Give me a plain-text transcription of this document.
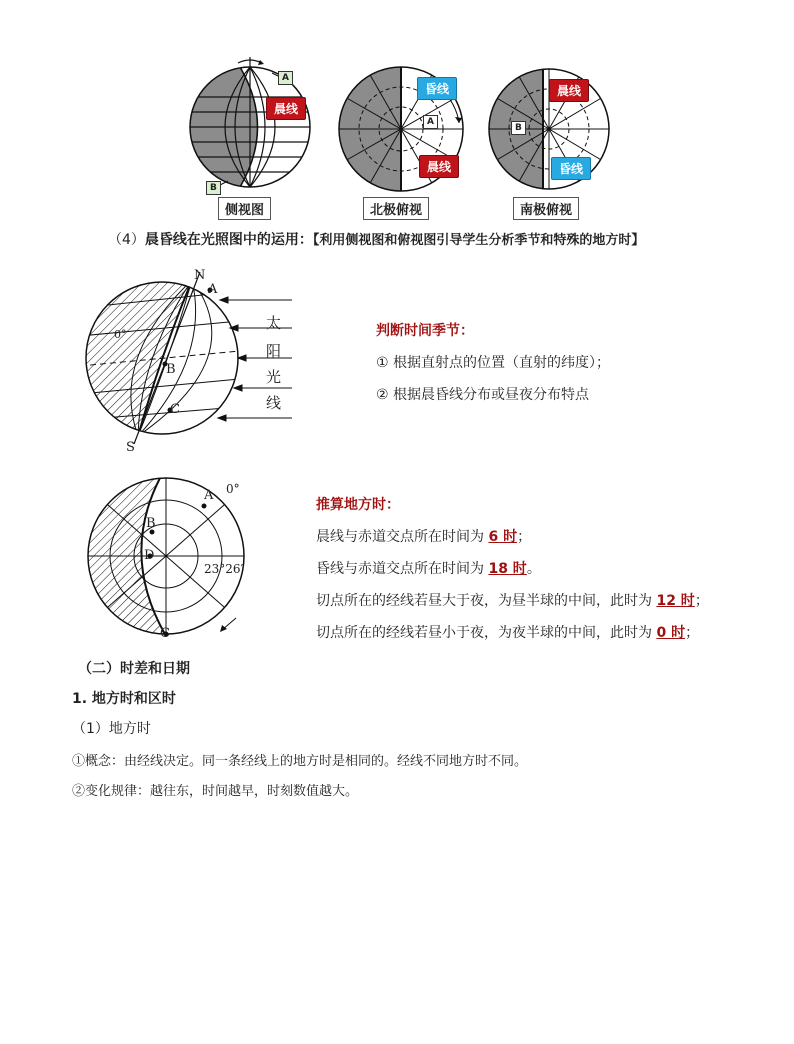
A
B
晨线
侧视图
昏线
A
晨线
北极俯视
晨线
B
昏线
南极俯视
（4）晨昏线在光照图中的运用：【利用侧视图和俯视图引导学生分析季节和特殊的地方时】
N
A
0°
B
C
S
太
阳
光
线
判断时间季节：
① 根据直射点的位置（直射的纬度）；
② 根据晨昏线分布或昼夜分布特点
A 0°
B
D
23°26′
C
推算地方时：
晨线与赤道交点所在时间为 6 时；
昏线与赤道交点所在时间为 18 时。
切点所在的经线若昼大于夜，为昼半球的中间，此时为 12 时；
切点所在的经线若昼小于夜，为夜半球的中间，此时为 0 时；
（二）时差和日期
1. 地方时和区时
（1）地方时
①概念：由经线决定。同一条经线上的地方时是相同的。经线不同地方时不同。
②变化规律：越往东，时间越早，时刻数值越大。
